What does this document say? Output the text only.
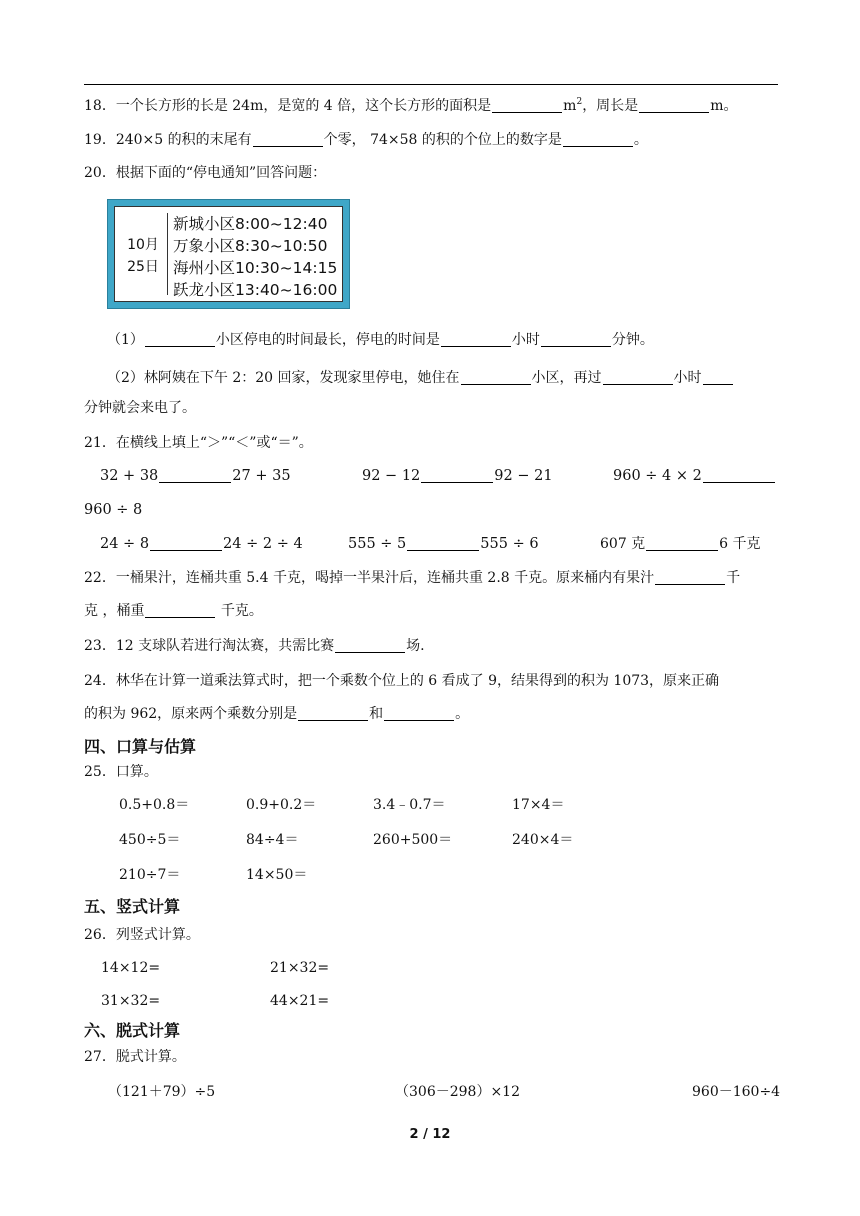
18．一个长方形的长是 24m，是宽的 4 倍，这个长方形的面积是	$m^2$，周长是	m。
19．240×5 的积的末尾有	个零， 74×58 的积的个位上的数字是	。
20．根据下面的“停电通知”回答问题：
10月
25日
新城小区8:00~12:40
万象小区8:30~10:50
海州小区10:30~14:15
跃龙小区13:40~16:00
（1）	小区停电的时间最长，停电的时间是	小时	分钟。
（2）林阿姨在下午 2：20 回家，发现家里停电，她住在	小区，再过	小时
分钟就会来电了。
21．在横线上填上“＞”“＜”或“＝”。
32 + 38	27 + 35	92 − 12	92 − 21	960 ÷ 4 × 2
960 ÷ 8
24 ÷ 8	24 ÷ 2 ÷ 4	555 ÷ 5	555 ÷ 6	607 克	6 千克
22．一桶果汁，连桶共重 5.4 千克，喝掉一半果汁后，连桶共重 2.8 千克。原来桶内有果汁	千
克 ，桶重	千克。
23．12 支球队若进行淘汰赛，共需比赛	场.
24．林华在计算一道乘法算式时，把一个乘数个位上的 6 看成了 9，结果得到的积为 1073，原来正确
的积为 962，原来两个乘数分别是	和	。
四、口算与估算
25．口算。
0.5+0.8＝	0.9+0.2＝	3.4﹣0.7＝	17×4＝
450÷5＝	84÷4＝	260+500＝	240×4＝
210÷7＝	14×50＝
五、竖式计算
26．列竖式计算。
14×12=	21×32=
31×32=	44×21=
六、脱式计算
27．脱式计算。
（121＋79）÷5	（306－298）×12	960－160÷4
2 / 12
